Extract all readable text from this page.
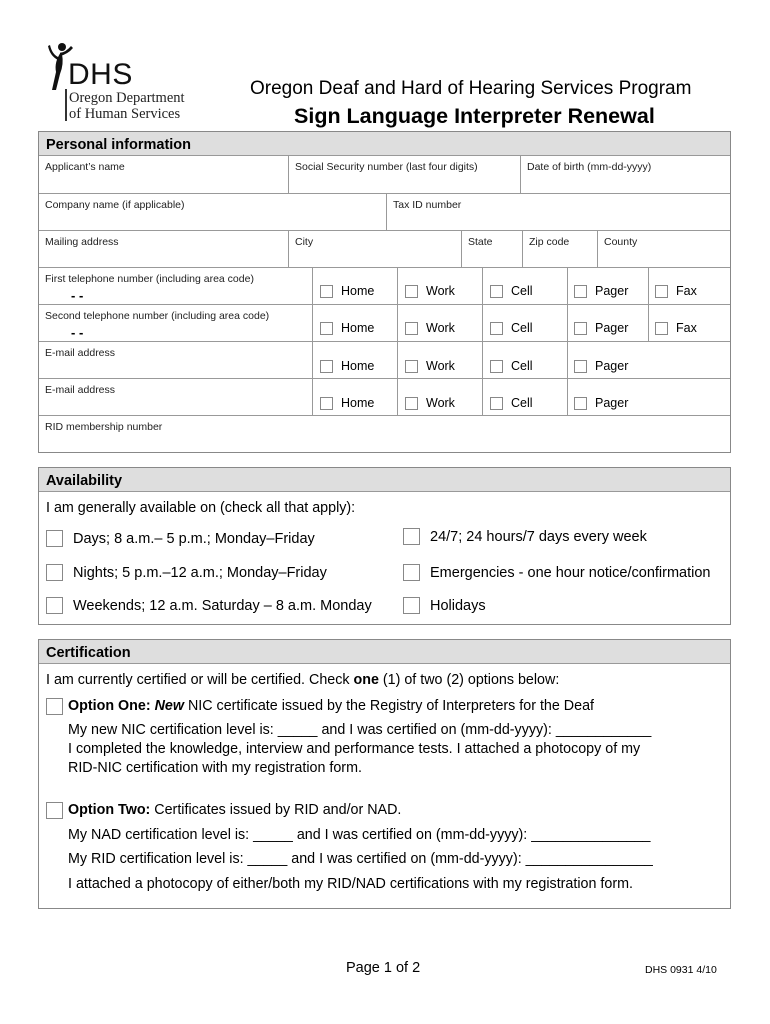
DHS
Oregon Department
of Human Services
Oregon Deaf and Hard of Hearing Services Program
Sign Language Interpreter Renewal
Personal information
Applicant’s name	Social Security number (last four digits)	Date of birth (mm-dd-yyyy)
Company name (if applicable)	Tax ID number
Mailing address	City	State	Zip code	County
First telephone number (including area code)
- -	Home	Work	Cell	Pager	Fax
Second telephone number (including area code)
- -	Home	Work	Cell	Pager	Fax
E-mail address
Home	Work	Cell	Pager
E-mail address
Home	Work	Cell	Pager
RID membership number
Availability
I am generally available on (check all that apply):
Days; 8 a.m.– 5 p.m.; Monday–Friday
Nights; 5 p.m.–12 a.m.; Monday–Friday
Weekends; 12 a.m. Saturday – 8 a.m. Monday
24/7; 24 hours/7 days every week
Emergencies - one hour notice/confirmation
Holidays
Certification
I am currently certified or will be certified. Check one (1) of two (2) options below:
Option One: New NIC certificate issued by the Registry of Interpreters for the Deaf
My new NIC certification level is: _____ and I was certified on (mm-dd-yyyy): ____________
I completed the knowledge, interview and performance tests. I attached a photocopy of my
RID-NIC certification with my registration form.
Option Two: Certificates issued by RID and/or NAD.
My NAD certification level is: _____ and I was certified on (mm-dd-yyyy): _______________
My RID certification level is: _____ and I was certified on (mm-dd-yyyy): ________________
I attached a photocopy of either/both my RID/NAD certifications with my registration form.
Page 1 of 2	DHS 0931 4/10
